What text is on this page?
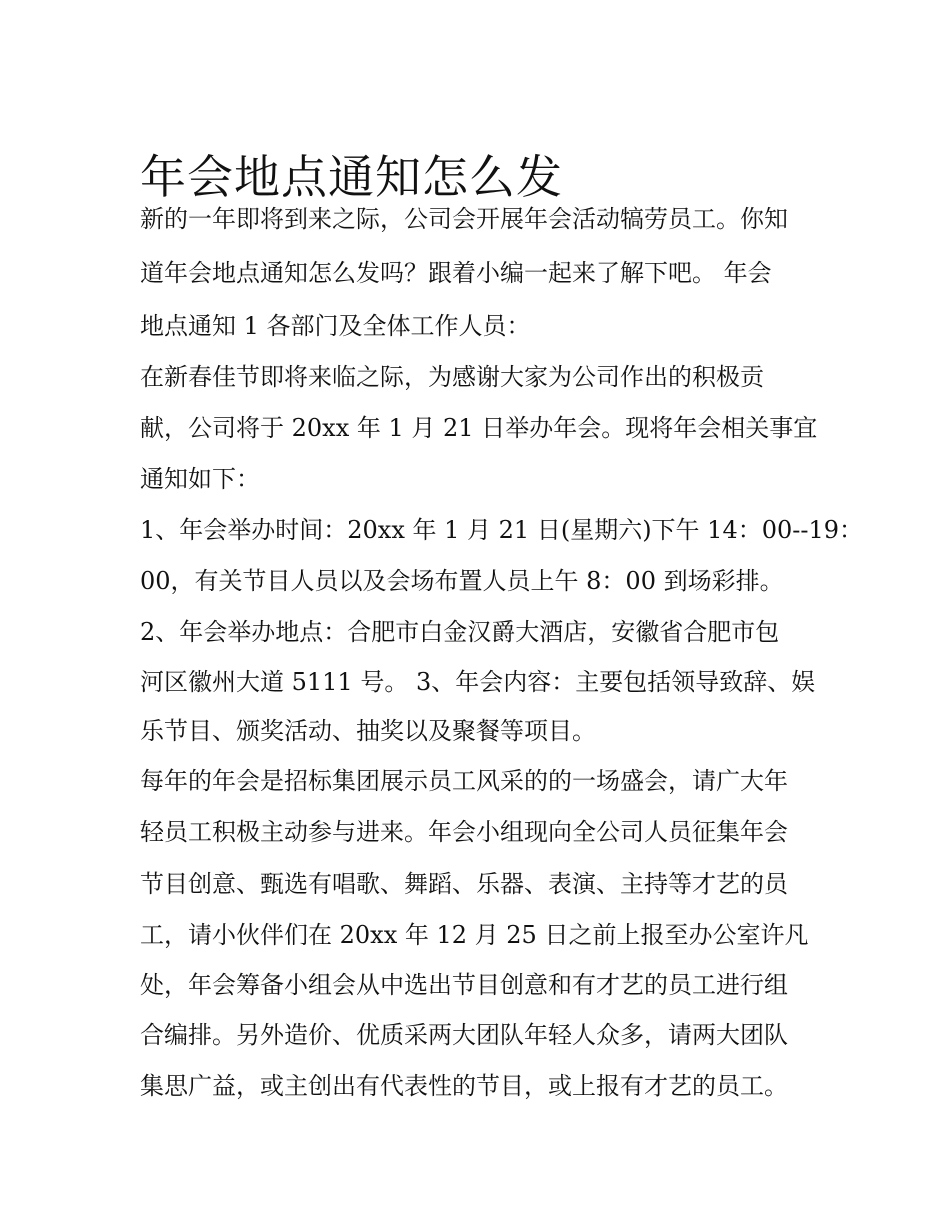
年会地点通知怎么发
新的一年即将到来之际，公司会开展年会活动犒劳员工。你知
道年会地点通知怎么发吗？跟着小编一起来了解下吧。 年会
地点通知 1 各部门及全体工作人员：
在新春佳节即将来临之际，为感谢大家为公司作出的积极贡
献，公司将于 20xx 年 1 月 21 日举办年会。现将年会相关事宜
通知如下：
1、年会举办时间：20xx 年 1 月 21 日(星期六)下午 14：00--19：
00，有关节目人员以及会场布置人员上午 8：00 到场彩排。
2、年会举办地点：合肥市白金汉爵大酒店，安徽省合肥市包
河区徽州大道 5111 号。 3、年会内容：主要包括领导致辞、娱
乐节目、颁奖活动、抽奖以及聚餐等项目。
每年的年会是招标集团展示员工风采的的一场盛会，请广大年
轻员工积极主动参与进来。年会小组现向全公司人员征集年会
节目创意、甄选有唱歌、舞蹈、乐器、表演、主持等才艺的员
工，请小伙伴们在 20xx 年 12 月 25 日之前上报至办公室许凡
处，年会筹备小组会从中选出节目创意和有才艺的员工进行组
合编排。另外造价、优质采两大团队年轻人众多，请两大团队
集思广益，或主创出有代表性的节目，或上报有才艺的员工。
